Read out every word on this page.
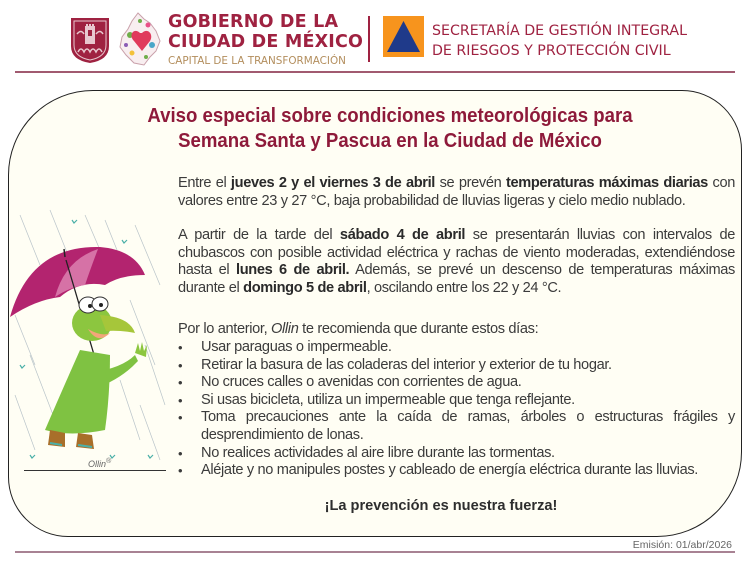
GOBIERNO DE LA
CIUDAD DE MÉXICO
CAPITAL DE LA TRANSFORMACIÓN
SECRETARÍA DE GESTIÓN INTEGRAL
DE RIESGOS Y PROTECCIÓN CIVIL
Aviso especial sobre condiciones meteorológicas para
Semana Santa y Pascua en la Ciudad de México

Entre el jueves 2 y el viernes 3 de abril se prevén temperaturas máximas diarias con valores entre 23 y 27 °C, baja probabilidad de lluvias ligeras y cielo medio nublado.

A partir de la tarde del sábado 4 de abril se presentarán lluvias con intervalos de chubascos con posible actividad eléctrica y rachas de viento moderadas, extendiéndose hasta el lunes 6 de abril. Además, se prevé un descenso de temperaturas máximas durante el domingo 5 de abril, oscilando entre los 22 y 24 °C.

Por lo anterior, Ollin te recomienda que durante estos días:

• Usar paraguas o impermeable.
• Retirar la basura de las coladeras del interior y exterior de tu hogar.
• No cruces calles o avenidas con corrientes de agua.
• Si usas bicicleta, utiliza un impermeable que tenga reflejante.
• Toma precauciones ante la caída de ramas, árboles o estructuras frágiles y desprendimiento de lonas.
• No realices actividades al aire libre durante las tormentas.
• Aléjate y no manipules postes y cableado de energía eléctrica durante las lluvias.
¡La prevención es nuestra fuerza!
Ollin®
Emisión: 01/abr/2026
